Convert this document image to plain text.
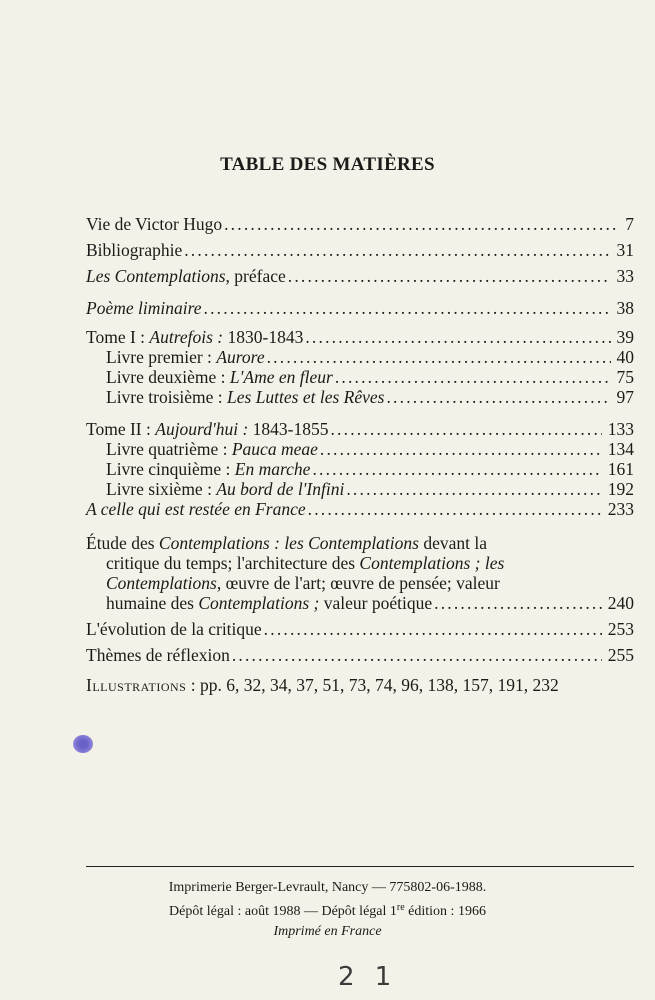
TABLE DES MATIÈRES
Vie de Victor Hugo .....	7
Bibliographie .....	31
Les Contemplations, préface .....	33
Poème liminaire .....	38
Tome I : Autrefois : 1830-1843 .....	39
Livre premier : Aurore .....	40
Livre deuxième : L'Ame en fleur .....	75
Livre troisième : Les Luttes et les Rêves .....	97
Tome II : Aujourd'hui : 1843-1855 .....	133
Livre quatrième : Pauca meae .....	134
Livre cinquième : En marche .....	161
Livre sixième : Au bord de l'Infini .....	192
A celle qui est restée en France .....	233
Étude des Contemplations : les Contemplations devant la
critique du temps; l'architecture des Contemplations ; les
Contemplations, œuvre de l'art; œuvre de pensée; valeur
humaine des Contemplations ; valeur poétique .....	240
L'évolution de la critique .....	253
Thèmes de réflexion .....	255
Illustrations : pp. 6, 32, 34, 37, 51, 73, 74, 96, 138, 157, 191, 232
Imprimerie Berger-Levrault, Nancy — 775802-06-1988.
Dépôt légal : août 1988 — Dépôt légal 1re édition : 1966
Imprimé en France
2 1
